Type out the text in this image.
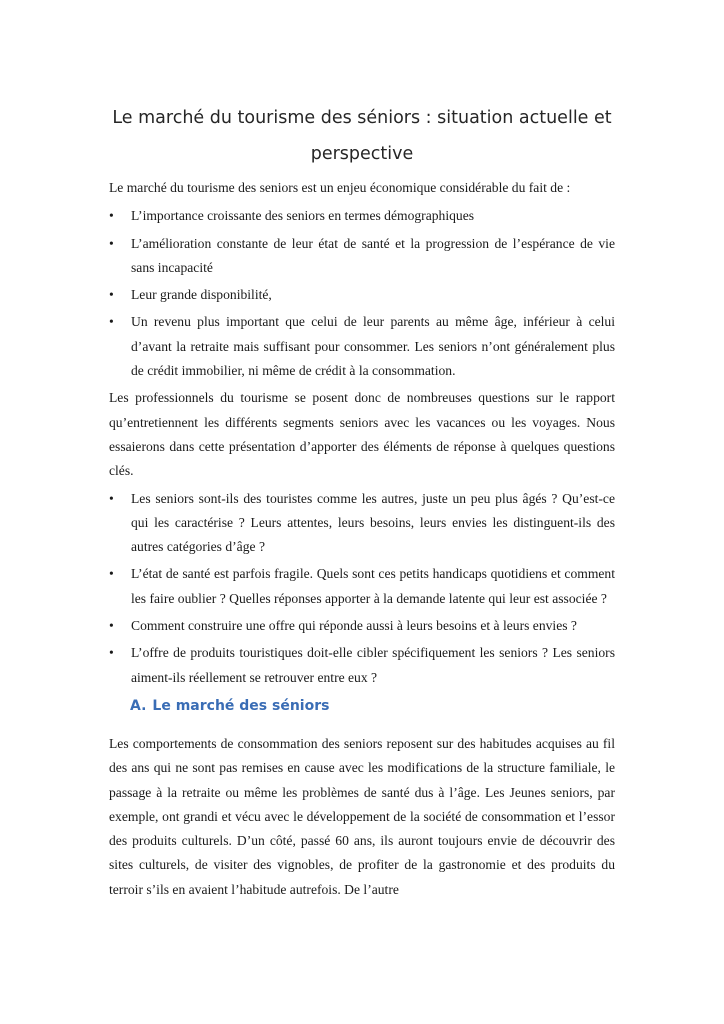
Le marché du tourisme des séniors : situation actuelle et perspective

Le marché du tourisme des seniors est un enjeu économique considérable du fait de :

• L’importance croissante des seniors en termes démographiques
• L’amélioration constante de leur état de santé et la progression de l’espérance de vie sans incapacité
• Leur grande disponibilité,
• Un revenu plus important que celui de leur parents au même âge, inférieur à celui d’avant la retraite mais suffisant pour consommer. Les seniors n’ont généralement plus de crédit immobilier, ni même de crédit à la consommation.

Les professionnels du tourisme se posent donc de nombreuses questions sur le rapport qu’entretiennent les différents segments seniors avec les vacances ou les voyages. Nous essaierons dans cette présentation d’apporter des éléments de réponse à quelques questions clés.

• Les seniors sont-ils des touristes comme les autres, juste un peu plus âgés ? Qu’est-ce qui les caractérise ? Leurs attentes, leurs besoins, leurs envies les distinguent-ils des autres catégories d’âge ?
• L’état de santé est parfois fragile. Quels sont ces petits handicaps quotidiens et comment les faire oublier ? Quelles réponses apporter à la demande latente qui leur est associée ?
• Comment construire une offre qui réponde aussi à leurs besoins et à leurs envies ?
• L’offre de produits touristiques doit-elle cibler spécifiquement les seniors ? Les seniors aiment-ils réellement se retrouver entre eux ?
A. Le marché des séniors

Les comportements de consommation des seniors reposent sur des habitudes acquises au fil des ans qui ne sont pas remises en cause avec les modifications de la structure familiale, le passage à la retraite ou même les problèmes de santé dus à l’âge. Les Jeunes seniors, par exemple, ont grandi et vécu avec le développement de la société de consommation et l’essor des produits culturels. D’un côté, passé 60 ans, ils auront toujours envie de découvrir des sites culturels, de visiter des vignobles, de profiter de la gastronomie et des produits du terroir s’ils en avaient l’habitude autrefois. De l’autre
